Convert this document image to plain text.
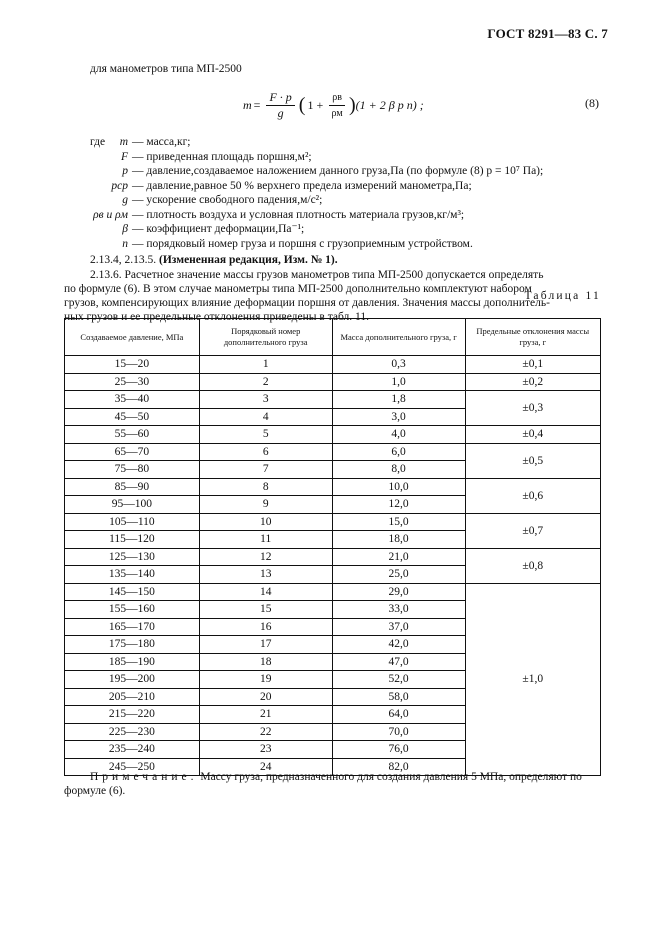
ГОСТ 8291—83 С. 7
для манометров типа МП-2500
$m = \frac{F \cdot p}{g}$ ( $1 + \frac{\rho в}{\rho м}$ ) (1 + 2 β p n) ;	(8)
где m — масса,кг;
F — приведенная площадь поршня,м²;
p — давление,создаваемое наложением данного груза,Па (по формуле (8) p = 10⁷ Па);
pср — давление,равное 50 % верхнего предела измерений манометра,Па;
g — ускорение свободного падения,м/с²;
ρв и ρм — плотность воздуха и условная плотность материала грузов,кг/м³;
β — коэффициент деформации,Па⁻¹;
n — порядковый номер груза и поршня с грузоприемным устройством.
2.13.4, 2.13.5. (Измененная редакция, Изм. № 1).
2.13.6. Расчетное значение массы грузов манометров типа МП-2500 допускается определять
по формуле (6). В этом случае манометры типа МП-2500 дополнительно комплектуют набором
грузов, компенсирующих влияние деформации поршня от давления. Значения массы дополнитель-
ных грузов и ее предельные отклонения приведены в табл. 11.
Таблица 11
Создаваемое давление, МПа	Порядковый номер дополнительного груза	Масса дополнительного груза, г	Предельные отклонения массы груза, г
15—20	1	0,3	±0,1
25—30	2	1,0	±0,2
35—40	3	1,8	±0,3
45—50	4	3,0	
55—60	5	4,0	±0,4
65—70	6	6,0	±0,5
75—80	7	8,0	
85—90	8	10,0	±0,6
95—100	9	12,0	
105—110	10	15,0	±0,7
115—120	11	18,0	
125—130	12	21,0	±0,8
135—140	13	25,0	
145—150	14	29,0	±1,0
155—160	15	33,0	
165—170	16	37,0	
175—180	17	42,0	
185—190	18	47,0	
195—200	19	52,0	
205—210	20	58,0	
215—220	21	64,0	
225—230	22	70,0	
235—240	23	76,0	
245—250	24	82,0	
Примечание. Массу груза, предназначенного для создания давления 5 МПа, определяют по формуле (6).
